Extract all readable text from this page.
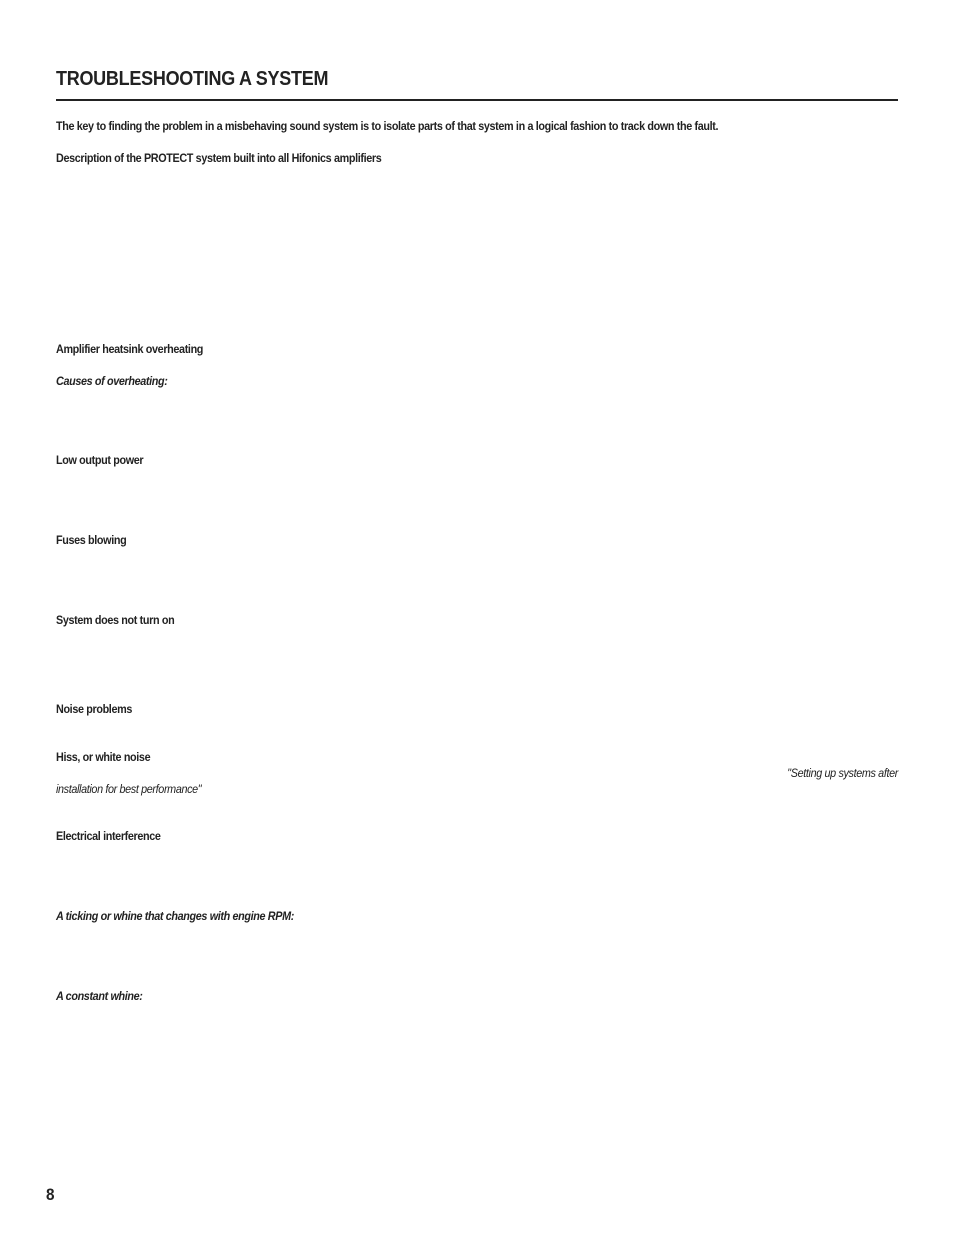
TROUBLESHOOTING A SYSTEM

The key to finding the problem in a misbehaving sound system is to isolate parts of that system in a logical fashion to track down the fault.

Description of the PROTECT system built into all Hifonics amplifiers

Amplifier heatsink overheating

Causes of overheating:

Low output power

Fuses blowing

System does not turn on

Noise problems

Hiss, or white noise

"Setting up systems after

installation for best performance"

Electrical interference

A ticking or whine that changes with engine RPM:

A constant whine:

8
